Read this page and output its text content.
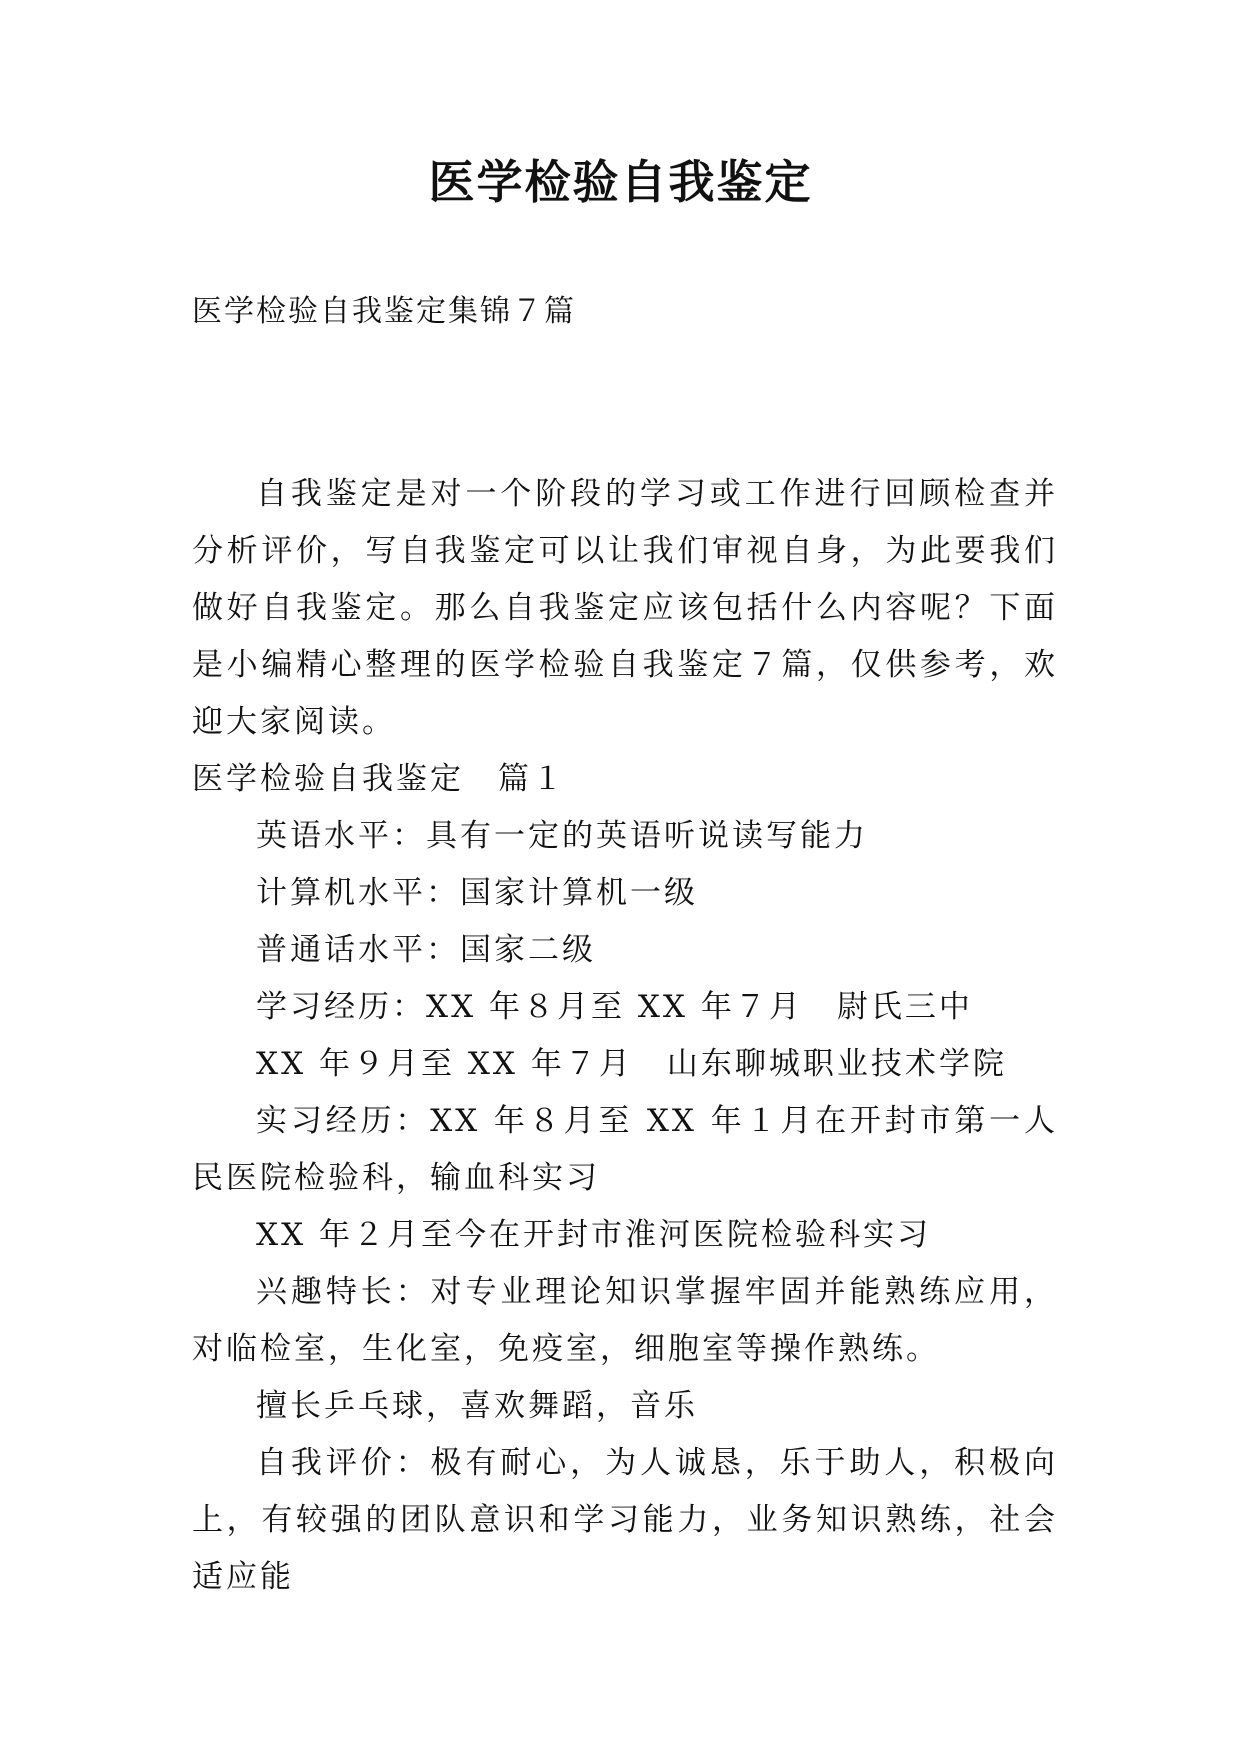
医学检验自我鉴定

医学检验自我鉴定集锦７篇

自我鉴定是对一个阶段的学习或工作进行回顾检查并分析评价，写自我鉴定可以让我们审视自身，为此要我们做好自我鉴定。那么自我鉴定应该包括什么内容呢？下面是小编精心整理的医学检验自我鉴定７篇，仅供参考，欢迎大家阅读。

医学检验自我鉴定　篇１

英语水平：具有一定的英语听说读写能力

计算机水平：国家计算机一级

普通话水平：国家二级

学习经历：XX 年８月至 XX 年７月　尉氏三中

XX 年９月至 XX 年７月　山东聊城职业技术学院

实习经历：XX 年８月至 XX 年１月在开封市第一人民医院检验科，输血科实习

XX 年２月至今在开封市淮河医院检验科实习

兴趣特长：对专业理论知识掌握牢固并能熟练应用，对临检室，生化室，免疫室，细胞室等操作熟练。

擅长乒乓球，喜欢舞蹈，音乐

自我评价：极有耐心，为人诚恳，乐于助人，积极向上，有较强的团队意识和学习能力，业务知识熟练，社会适应能
